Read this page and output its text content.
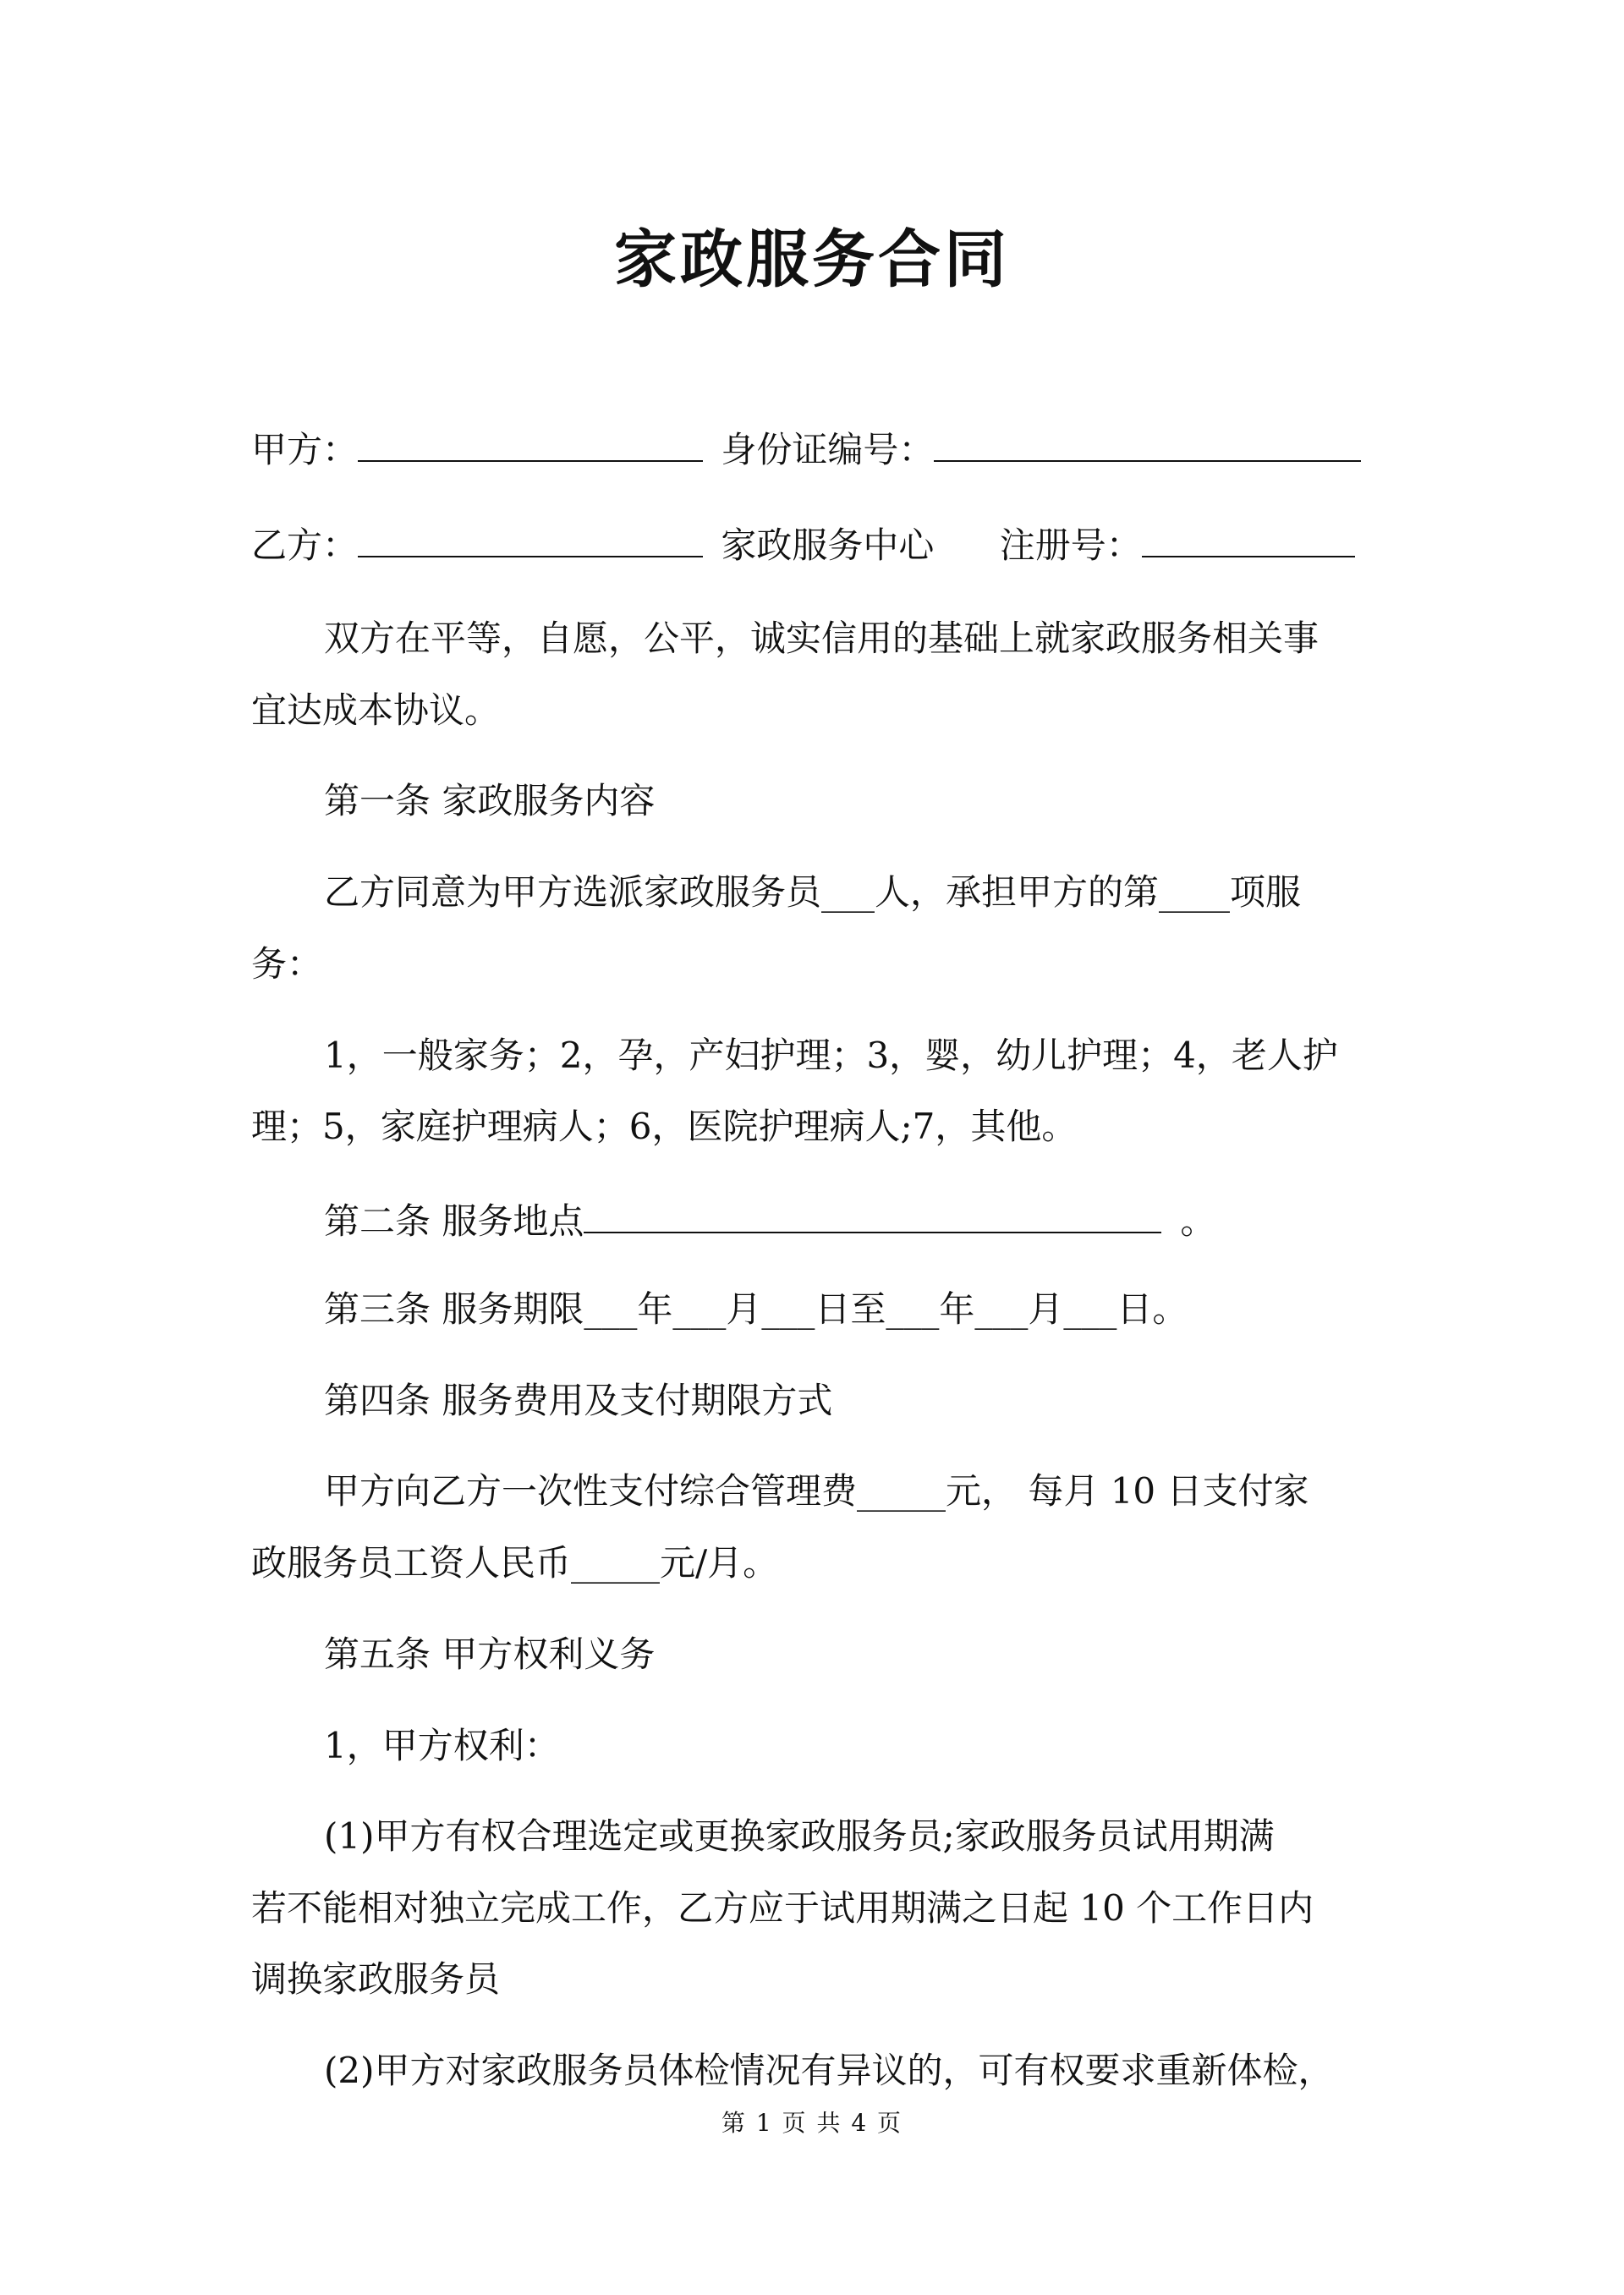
家政服务合同
甲方：	身份证编号：
乙方：	家政服务中心 注册号：
双方在平等，自愿，公平，诚实信用的基础上就家政服务相关事
宜达成本协议。
第一条 家政服务内容
乙方同意为甲方选派家政服务员___人，承担甲方的第____项服
务：
1，一般家务；2，孕，产妇护理；3，婴，幼儿护理；4，老人护
理；5，家庭护理病人；6，医院护理病人;7，其他。
第二条 服务地点	。
第三条 服务期限___年___月___日至___年___月___日。
第四条 服务费用及支付期限方式
甲方向乙方一次性支付综合管理费_____元， 每月 10 日支付家
政服务员工资人民币_____元/月。
第五条 甲方权利义务
1，甲方权利：
(1)甲方有权合理选定或更换家政服务员;家政服务员试用期满
若不能相对独立完成工作，乙方应于试用期满之日起 10 个工作日内
调换家政服务员
(2)甲方对家政服务员体检情况有异议的，可有权要求重新体检，
第 1 页 共 4 页
